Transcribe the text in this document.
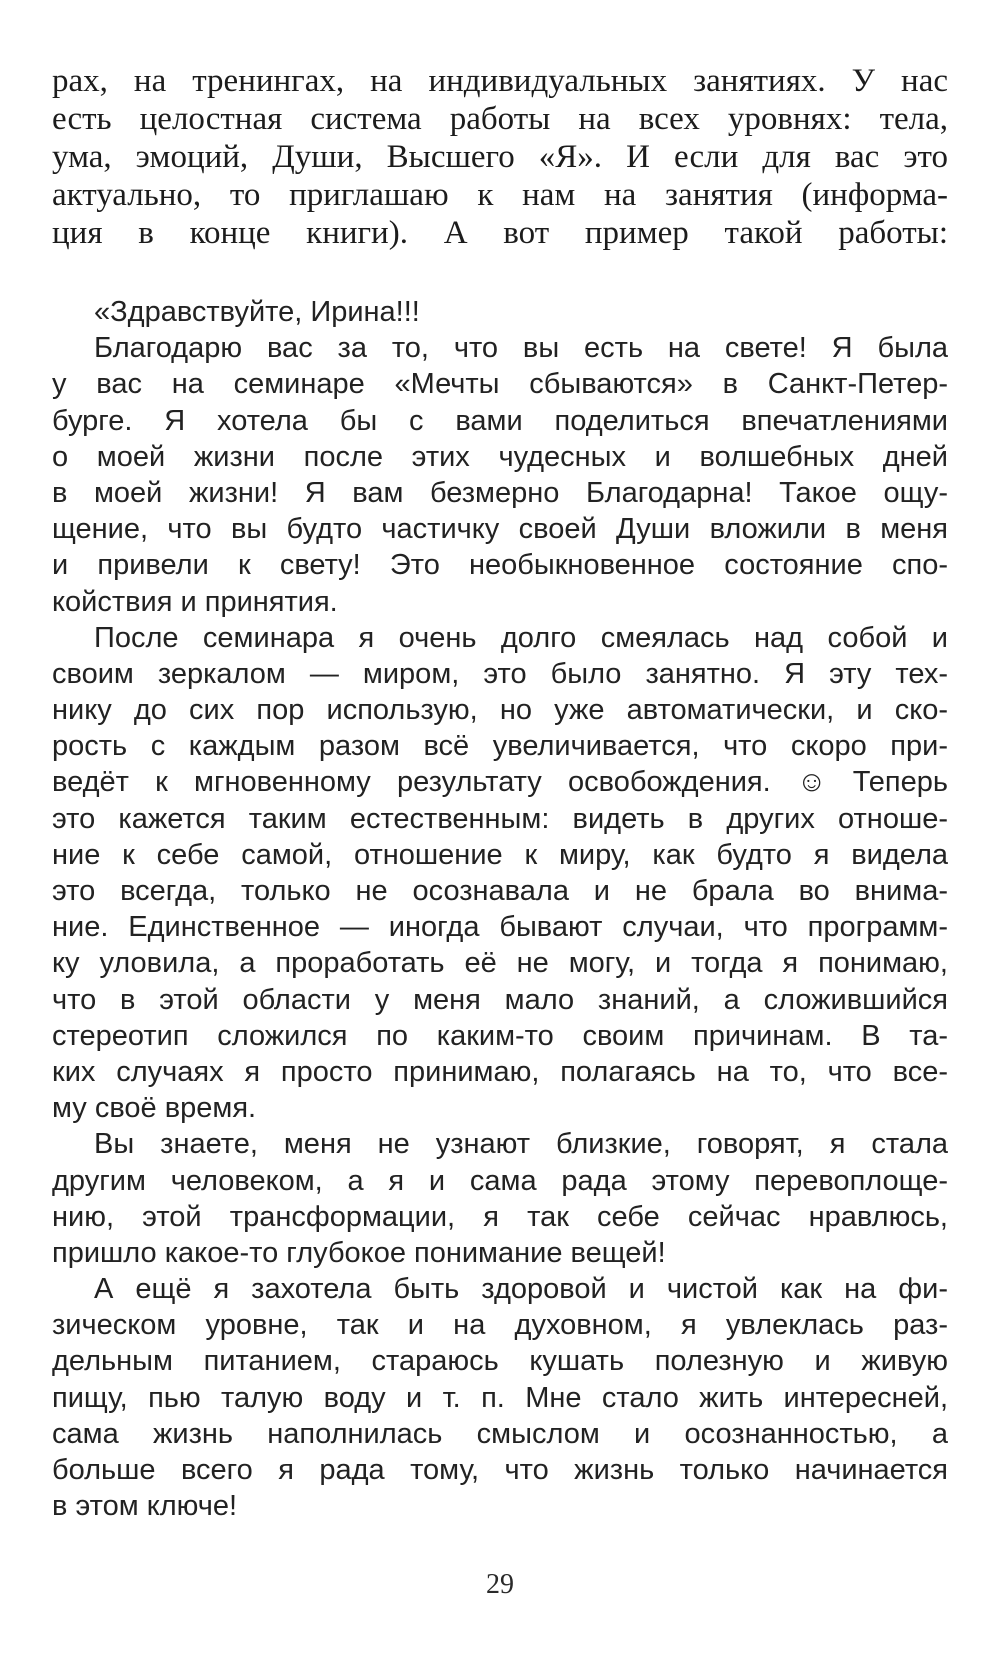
рах, на тренингах, на индивидуальных занятиях. У нас
есть целостная система работы на всех уровнях: тела,
ума, эмоций, Души, Высшего «Я». И если для вас это
актуально, то приглашаю к нам на занятия (информа-
ция в конце книги). А вот пример такой работы:
«Здравствуйте, Ирина!!!
Благодарю вас за то, что вы есть на свете! Я была
у вас на семинаре «Мечты сбываются» в Санкт-Петер-
бурге. Я хотела бы с вами поделиться впечатлениями
о моей жизни после этих чудесных и волшебных дней
в моей жизни! Я вам безмерно Благодарна! Такое ощу-
щение, что вы будто частичку своей Души вложили в меня
и привели к свету! Это необыкновенное состояние спо-
койствия и принятия.
После семинара я очень долго смеялась над собой и
своим зеркалом — миром, это было занятно. Я эту тех-
нику до сих пор использую, но уже автоматически, и ско-
рость с каждым разом всё увеличивается, что скоро при-
ведёт к мгновенному результату освобождения. ☺ Теперь
это кажется таким естественным: видеть в других отноше-
ние к себе самой, отношение к миру, как будто я видела
это всегда, только не осознавала и не брала во внима-
ние. Единственное — иногда бывают случаи, что программ-
ку уловила, а проработать её не могу, и тогда я понимаю,
что в этой области у меня мало знаний, а сложившийся
стереотип сложился по каким-то своим причинам. В та-
ких случаях я просто принимаю, полагаясь на то, что все-
му своё время.
Вы знаете, меня не узнают близкие, говорят, я стала
другим человеком, а я и сама рада этому перевоплоще-
нию, этой трансформации, я так себе сейчас нравлюсь,
пришло какое-то глубокое понимание вещей!
А ещё я захотела быть здоровой и чистой как на фи-
зическом уровне, так и на духовном, я увлеклась раз-
дельным питанием, стараюсь кушать полезную и живую
пищу, пью талую воду и т. п. Мне стало жить интересней,
сама жизнь наполнилась смыслом и осознанностью, а
больше всего я рада тому, что жизнь только начинается
в этом ключе!
29
